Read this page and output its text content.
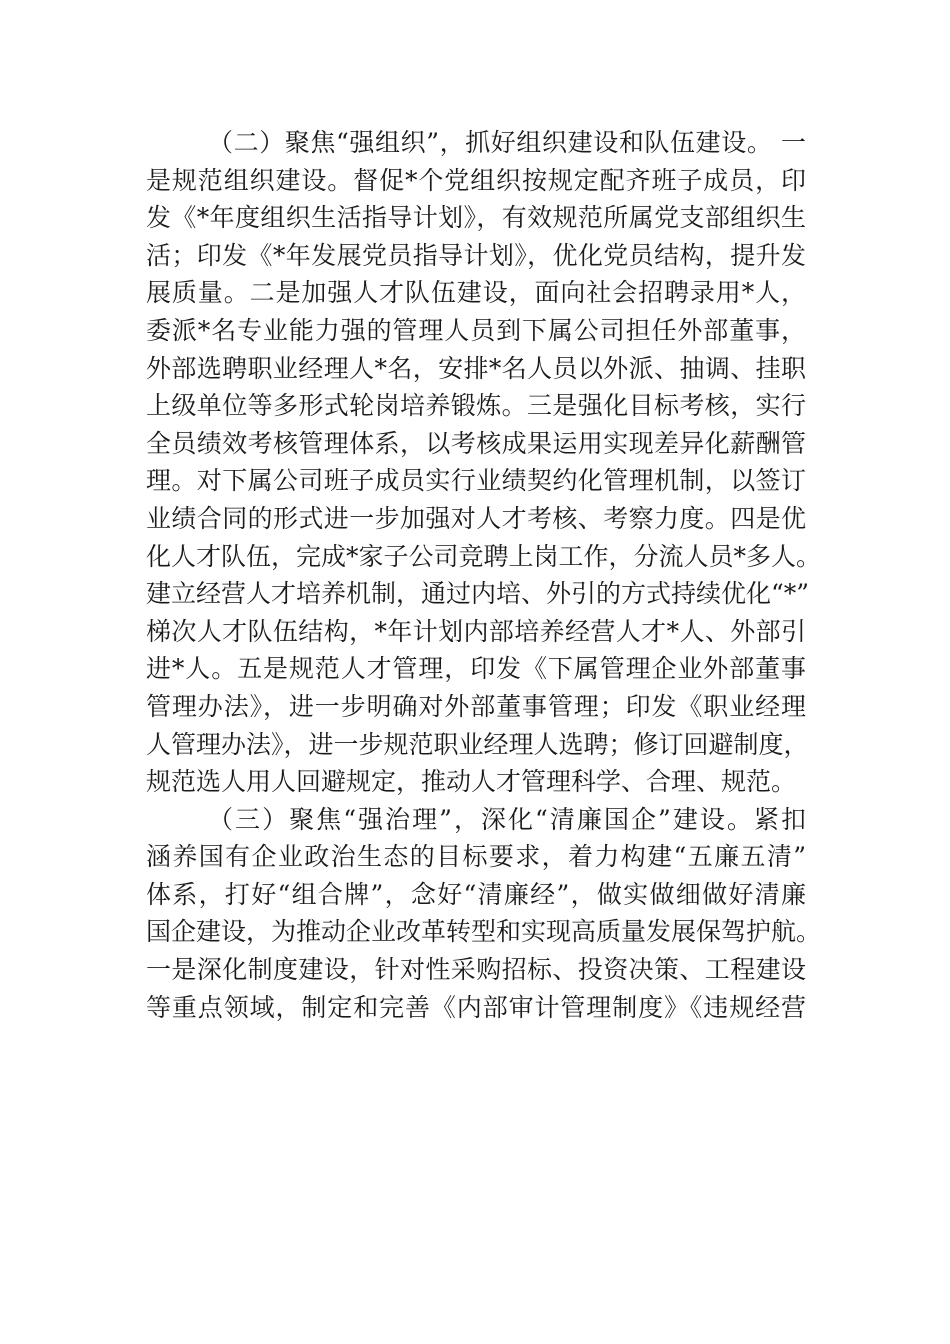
（二）聚焦“强组织”，抓好组织建设和队伍建设。 一
是规范组织建设。督促*个党组织按规定配齐班子成员，印
发《*年度组织生活指导计划》，有效规范所属党支部组织生
活；印发《*年发展党员指导计划》，优化党员结构，提升发
展质量。二是加强人才队伍建设，面向社会招聘录用*人，
委派*名专业能力强的管理人员到下属公司担任外部董事，
外部选聘职业经理人*名，安排*名人员以外派、抽调、挂职
上级单位等多形式轮岗培养锻炼。三是强化目标考核，实行
全员绩效考核管理体系，以考核成果运用实现差异化薪酬管
理。对下属公司班子成员实行业绩契约化管理机制，以签订
业绩合同的形式进一步加强对人才考核、考察力度。四是优
化人才队伍，完成*家子公司竞聘上岗工作，分流人员*多人。
建立经营人才培养机制，通过内培、外引的方式持续优化“*”
梯次人才队伍结构，*年计划内部培养经营人才*人、外部引
进*人。五是规范人才管理，印发《下属管理企业外部董事
管理办法》，进一步明确对外部董事管理；印发《职业经理
人管理办法》，进一步规范职业经理人选聘；修订回避制度，
规范选人用人回避规定，推动人才管理科学、合理、规范。
（三）聚焦“强治理”，深化“清廉国企”建设。紧扣
涵养国有企业政治生态的目标要求，着力构建“五廉五清”
体系，打好“组合牌”，念好“清廉经”，做实做细做好清廉
国企建设，为推动企业改革转型和实现高质量发展保驾护航。
一是深化制度建设，针对性采购招标、投资决策、工程建设
等重点领域，制定和完善《内部审计管理制度》《违规经营
